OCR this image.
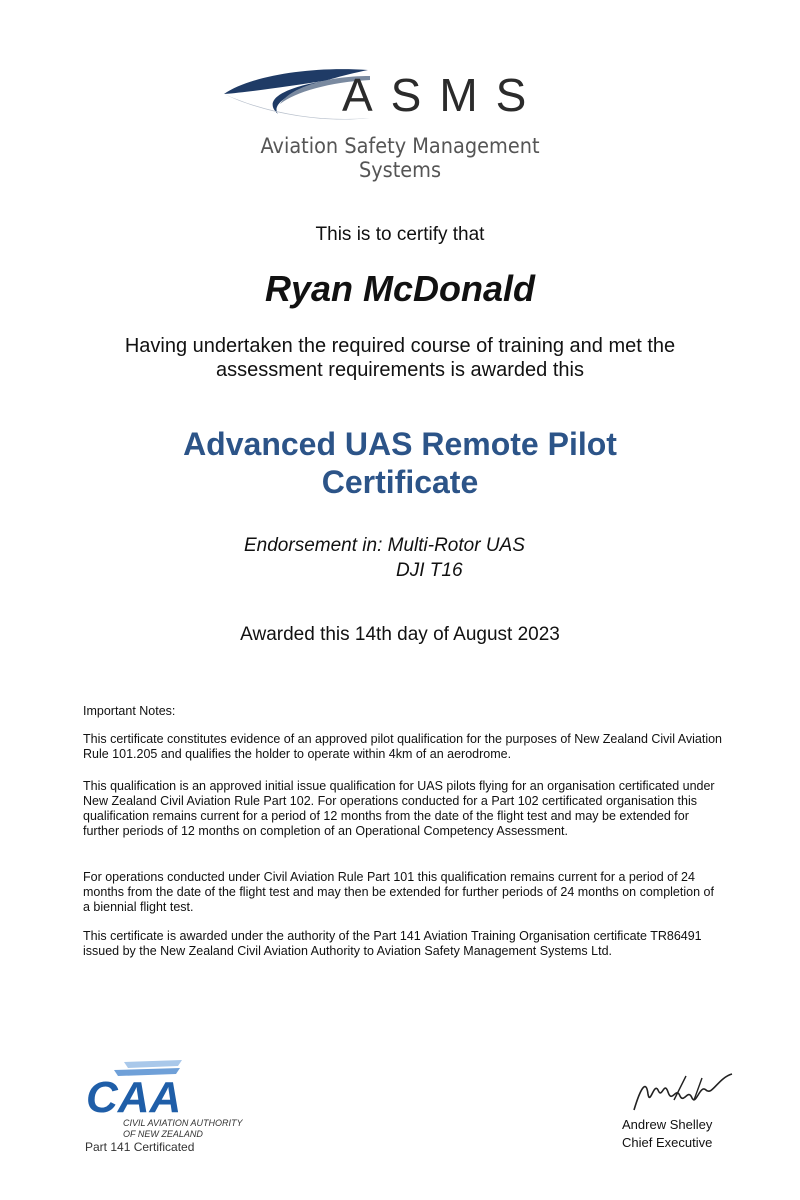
ASMS
Aviation Safety Management Systems
This is to certify that
Ryan McDonald
Having undertaken the required course of training and met the
assessment requirements is awarded this
Advanced UAS Remote Pilot
Certificate
Endorsement in: Multi-Rotor UAS
DJI T16
Awarded this 14th day of August 2023
Important Notes:

This certificate constitutes evidence of an approved pilot qualification for the purposes of New Zealand Civil Aviation Rule 101.205 and qualifies the holder to operate within 4km of an aerodrome.

This qualification is an approved initial issue qualification for UAS pilots flying for an organisation certificated under New Zealand Civil Aviation Rule Part 102. For operations conducted for a Part 102 certificated organisation this qualification remains current for a period of 12 months from the date of the flight test and may be extended for further periods of 12 months on completion of an Operational Competency Assessment.

For operations conducted under Civil Aviation Rule Part 101 this qualification remains current for a period of 24 months from the date of the flight test and may then be extended for further periods of 24 months on completion of a biennial flight test.

This certificate is awarded under the authority of the Part 141 Aviation Training Organisation certificate TR86491 issued by the New Zealand Civil Aviation Authority to Aviation Safety Management Systems Ltd.

CAA
CIVIL AVIATION AUTHORITY
OF NEW ZEALAND
Part 141 Certificated
Andrew Shelley
Chief Executive
